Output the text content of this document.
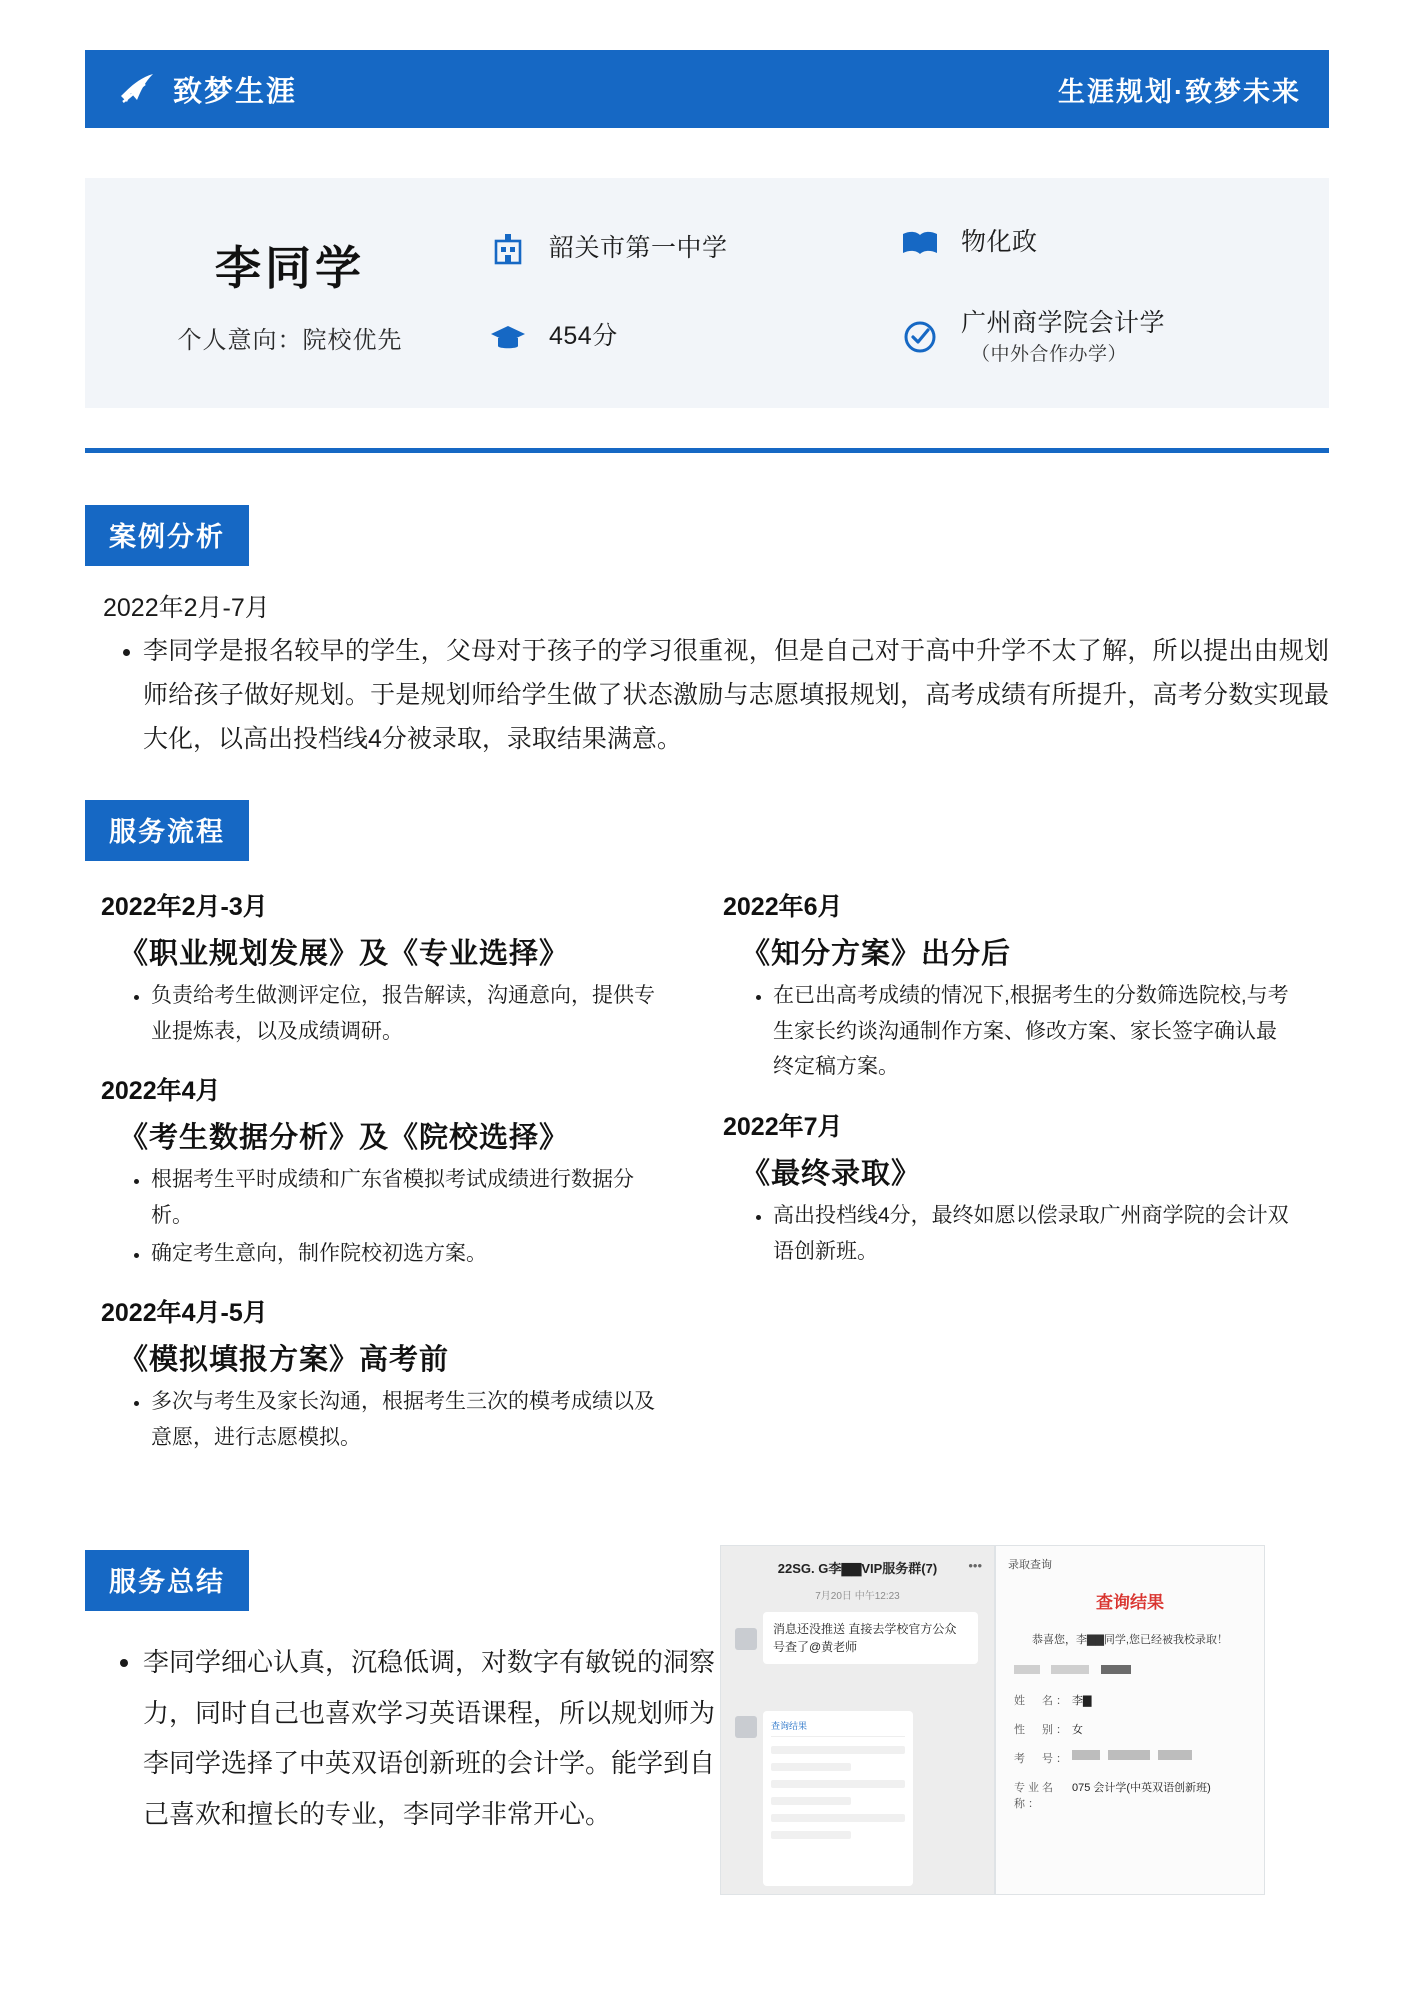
致梦生涯	生涯规划·致梦未来
李同学
个人意向：院校优先
韶关市第一中学
454分
物化政
广州商学院会计学
（中外合作办学）
案例分析
2022年2月-7月
• 李同学是报名较早的学生，父母对于孩子的学习很重视，但是自己对于高中升学不太了解，所以提出由规划师给孩子做好规划。于是规划师给学生做了状态激励与志愿填报规划，高考成绩有所提升，高考分数实现最大化，以高出投档线4分被录取，录取结果满意。
服务流程
2022年2月-3月
《职业规划发展》及《专业选择》
• 负责给考生做测评定位，报告解读，沟通意向，提供专业提炼表，以及成绩调研。
2022年4月
《考生数据分析》及《院校选择》
• 根据考生平时成绩和广东省模拟考试成绩进行数据分析。
• 确定考生意向，制作院校初选方案。
2022年4月-5月
《模拟填报方案》高考前
• 多次与考生及家长沟通，根据考生三次的模考成绩以及意愿，进行志愿模拟。
2022年6月
《知分方案》出分后
• 在已出高考成绩的情况下,根据考生的分数筛选院校,与考生家长约谈沟通制作方案、修改方案、家长签字确认最终定稿方案。
2022年7月
《最终录取》
• 高出投档线4分，最终如愿以偿录取广州商学院的会计双语创新班。
服务总结
• 李同学细心认真，沉稳低调，对数字有敏锐的洞察力，同时自己也喜欢学习英语课程，所以规划师为李同学选择了中英双语创新班的会计学。能学到自己喜欢和擅长的专业，李同学非常开心。
22SG. G李▇▇VIP服务群(7)	•••
7月20日 中午12:23
消息还没推送 直接去学校官方公众号查了@黄老师
查询结果
录取查询
查询结果
恭喜您，李▇▇同学,您已经被我校录取！

姓　名： 李▇
性　别： 女
考　号：
专业名称：
075 会计学(中英双语创新班)
